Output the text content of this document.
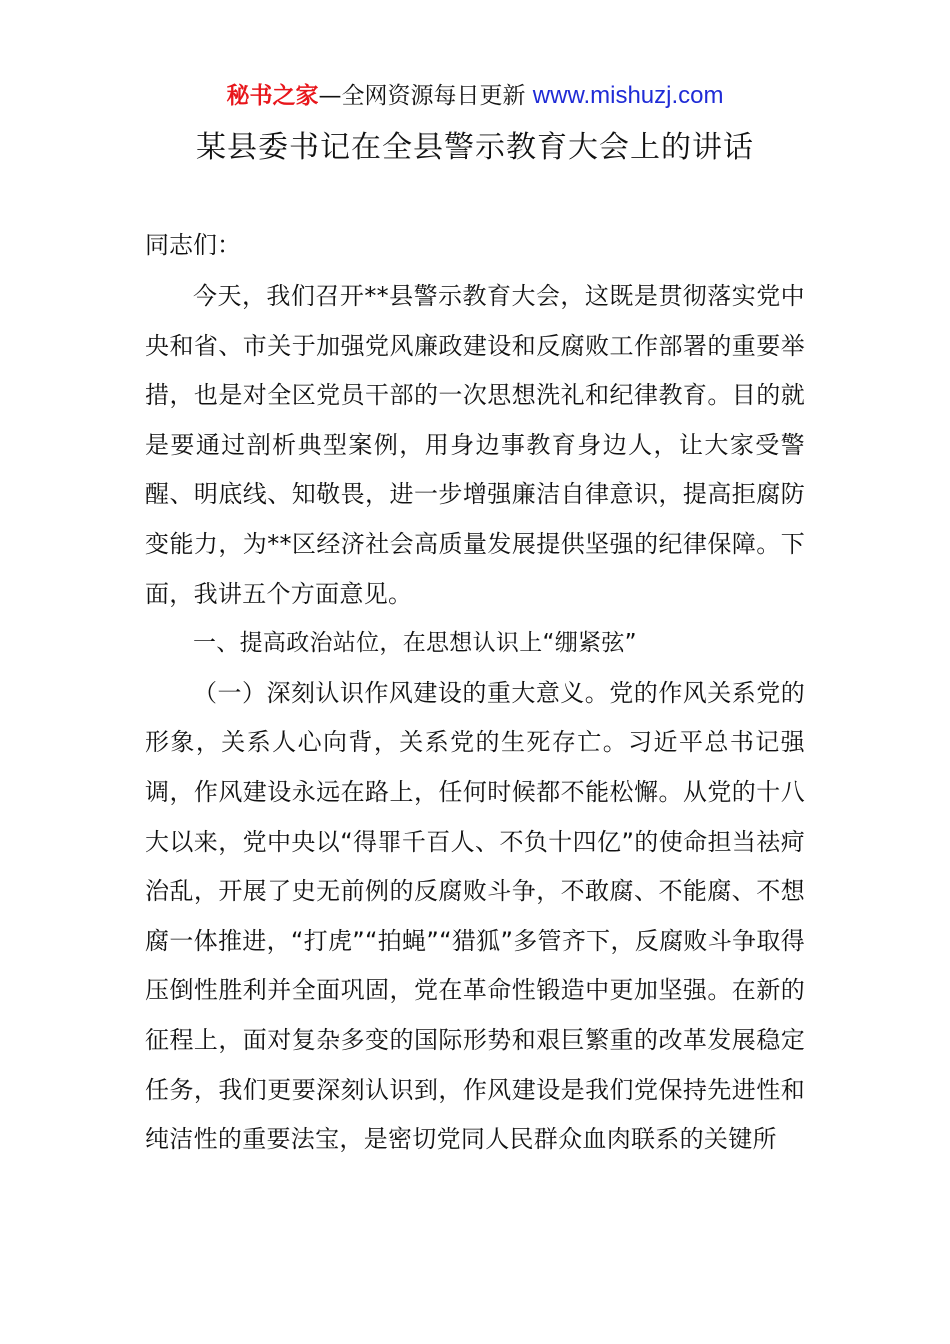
秘书之家—全网资源每日更新 www.mishuzj.com
某县委书记在全县警示教育大会上的讲话

同志们：

今天，我们召开**县警示教育大会，这既是贯彻落实党中央和省、市关于加强党风廉政建设和反腐败工作部署的重要举措，也是对全区党员干部的一次思想洗礼和纪律教育。目的就是要通过剖析典型案例，用身边事教育身边人，让大家受警醒、明底线、知敬畏，进一步增强廉洁自律意识，提高拒腐防变能力，为**区经济社会高质量发展提供坚强的纪律保障。下面，我讲五个方面意见。

一、提高政治站位，在思想认识上“绷紧弦”

（一）深刻认识作风建设的重大意义。党的作风关系党的形象，关系人心向背，关系党的生死存亡。习近平总书记强调，作风建设永远在路上，任何时候都不能松懈。从党的十八大以来，党中央以“得罪千百人、不负十四亿”的使命担当祛疴治乱，开展了史无前例的反腐败斗争，不敢腐、不能腐、不想腐一体推进，“打虎”“拍蝇”“猎狐”多管齐下，反腐败斗争取得压倒性胜利并全面巩固，党在革命性锻造中更加坚强。在新的征程上，面对复杂多变的国际形势和艰巨繁重的改革发展稳定任务，我们更要深刻认识到，作风建设是我们党保持先进性和纯洁性的重要法宝，是密切党同人民群众血肉联系的关键所
